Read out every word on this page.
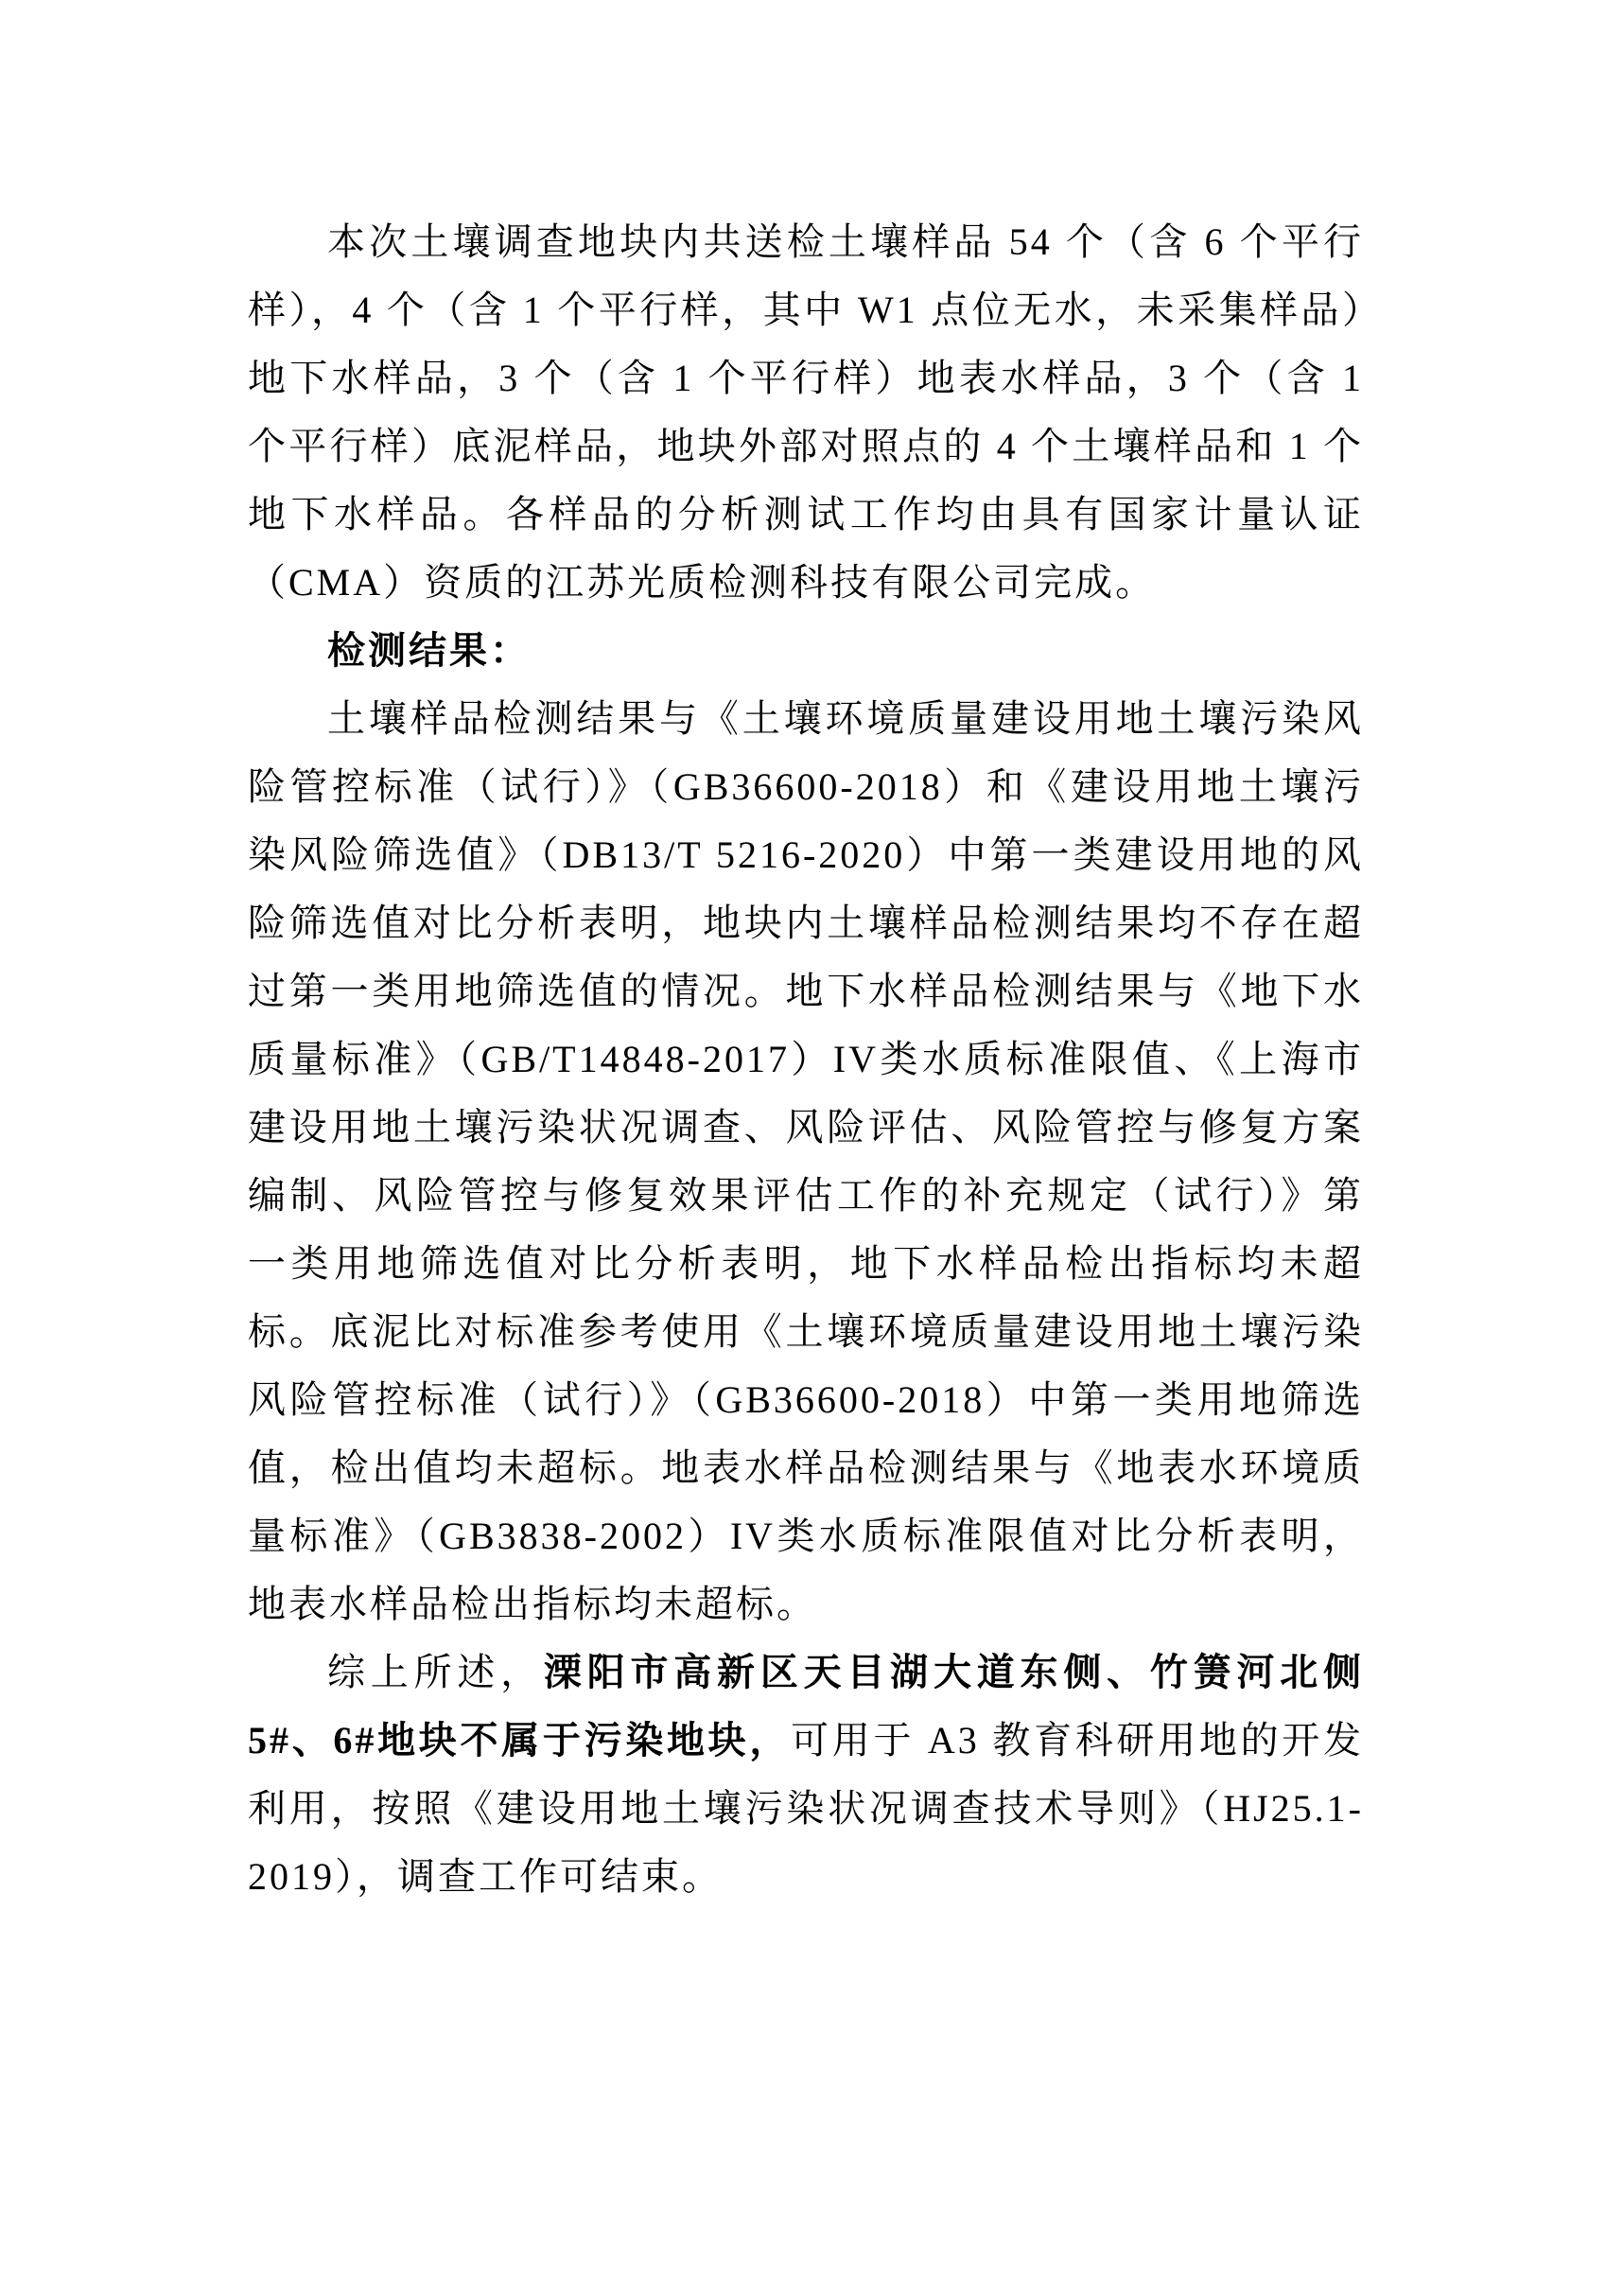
本次土壤调查地块内共送检土壤样品 54 个（含 6 个平行样），4 个（含 1 个平行样，其中 W1 点位无水，未采集样品）地下水样品，3 个（含 1 个平行样）地表水样品，3 个（含 1 个平行样）底泥样品，地块外部对照点的 4 个土壤样品和 1 个地下水样品。各样品的分析测试工作均由具有国家计量认证（CMA）资质的江苏光质检测科技有限公司完成。

检测结果：

土壤样品检测结果与《土壤环境质量建设用地土壤污染风险管控标准（试行）》（GB36600-2018）和《建设用地土壤污染风险筛选值》（DB13/T 5216-2020）中第一类建设用地的风险筛选值对比分析表明，地块内土壤样品检测结果均不存在超过第一类用地筛选值的情况。地下水样品检测结果与《地下水质量标准》（GB/T14848-2017）IV类水质标准限值、《上海市建设用地土壤污染状况调查、风险评估、风险管控与修复方案编制、风险管控与修复效果评估工作的补充规定（试行）》第一类用地筛选值对比分析表明，地下水样品检出指标均未超标。底泥比对标准参考使用《土壤环境质量建设用地土壤污染风险管控标准（试行）》（GB36600-2018）中第一类用地筛选值，检出值均未超标。地表水样品检测结果与《地表水环境质量标准》（GB3838-2002）IV类水质标准限值对比分析表明，地表水样品检出指标均未超标。

综上所述，溧阳市高新区天目湖大道东侧、竹箦河北侧 5#、6#地块不属于污染地块，可用于 A3 教育科研用地的开发利用，按照《建设用地土壤污染状况调查技术导则》（HJ25.1-2019），调查工作可结束。
